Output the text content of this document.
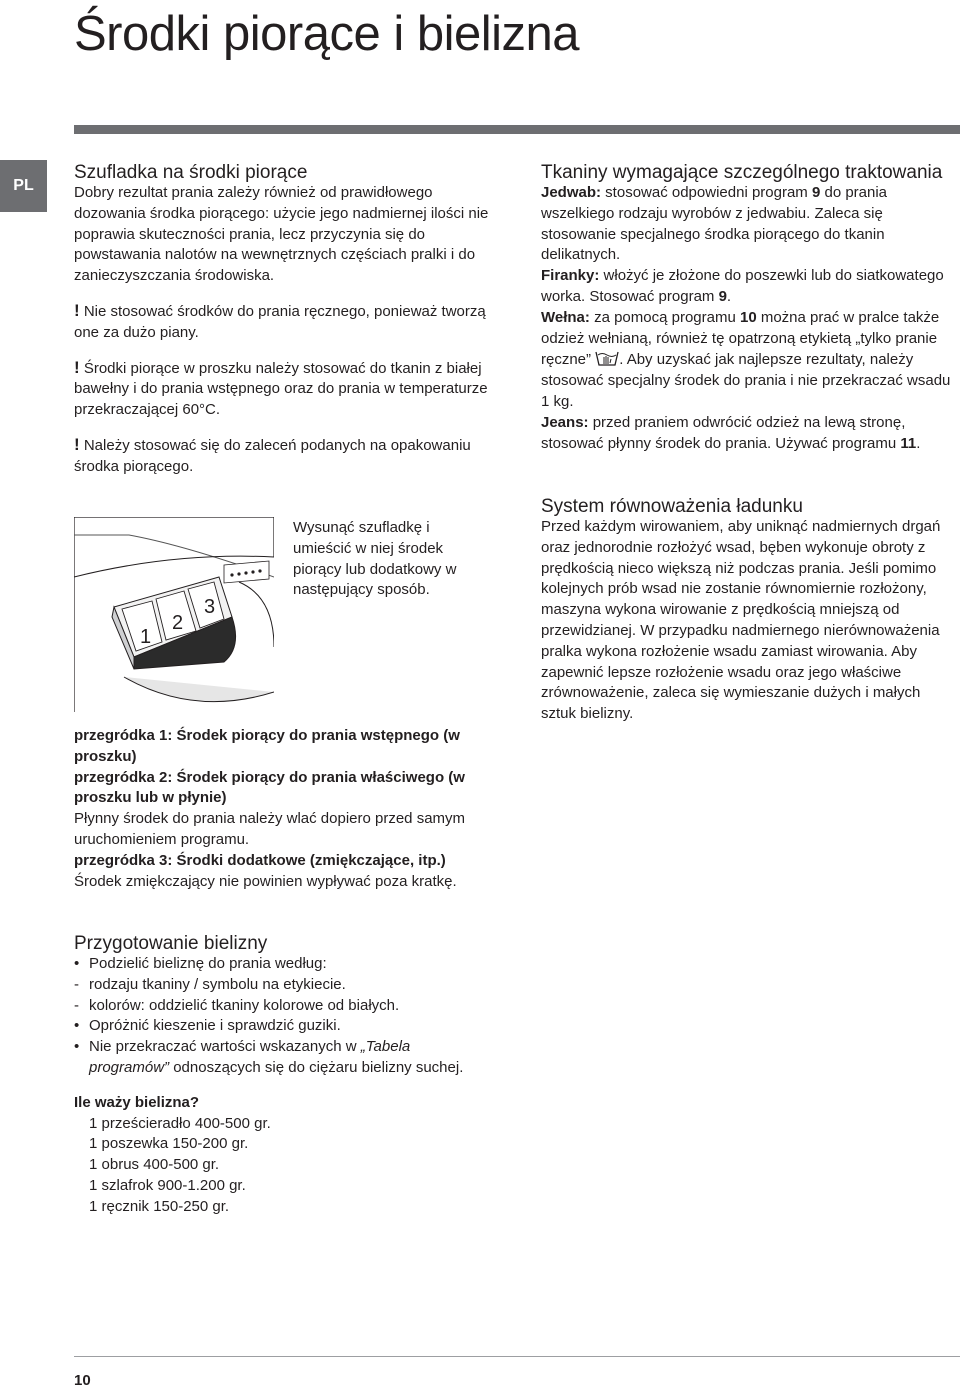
Środki piorące i bielizna
PL
Szufladka na środki piorące

Dobry rezultat prania zależy również od prawidłowego dozowania środka piorącego: użycie jego nadmiernej ilości nie poprawia skuteczności prania, lecz przyczynia się do powstawania nalotów na wewnętrznych częściach pralki i do zanieczyszczania środowiska.

! Nie stosować środków do prania ręcznego, ponieważ tworzą one za dużo piany.

! Środki piorące w proszku należy stosować do tkanin z białej bawełny i do prania wstępnego oraz do prania w temperaturze przekraczającej 60°C.

! Należy stosować się do zaleceń podanych na opakowaniu środka piorącego.

1
2
3
Wysunąć szufladkę i umieścić w niej środek piorący lub dodatkowy w następujący sposób.

przegródka 1: Środek piorący do prania wstępnego (w proszku)

przegródka 2: Środek piorący do prania właściwego (w proszku lub w płynie)

Płynny środek do prania należy wlać dopiero przed samym uruchomieniem programu.

przegródka 3: Środki dodatkowe (zmiękczające, itp.)

Środek zmiękczający nie powinien wypływać poza kratkę.

Przygotowanie bielizny
• Podzielić bieliznę do prania według:
- rodzaju tkaniny / symbolu na etykiecie.
- kolorów: oddzielić tkaniny kolorowe od białych.
• Opróżnić kieszenie i sprawdzić guziki.
• Nie przekraczać wartości wskazanych w „Tabela programów” odnoszących się do ciężaru bielizny suchej.

Ile waży bielizna?

1 prześcieradło 400-500 gr.

1 poszewka 150-200 gr.

1 obrus 400-500 gr.

1 szlafrok 900-1.200 gr.

1 ręcznik 150-250 gr.

Tkaniny wymagające szczególnego traktowania

Jedwab: stosować odpowiedni program 9 do prania wszelkiego rodzaju wyrobów z jedwabiu. Zaleca się stosowanie specjalnego środka piorącego do tkanin delikatnych.

Firanky: włożyć je złożone do poszewki lub do siatkowatego worka. Stosować program 9.

Wełna: za pomocą programu 10 można prać w pralce także odzież wełnianą, również tę opatrzoną etykietą „tylko pranie ręczne” . Aby uzyskać jak najlepsze rezultaty, należy stosować specjalny środek do prania i nie przekraczać wsadu 1 kg.

Jeans: przed praniem odwrócić odzież na lewą stronę, stosować płynny środek do prania. Używać programu 11.

System równoważenia ładunku

Przed każdym wirowaniem, aby uniknąć nadmiernych drgań oraz jednorodnie rozłożyć wsad, bęben wykonuje obroty z prędkością nieco większą niż podczas prania. Jeśli pomimo kolejnych prób wsad nie zostanie równomiernie rozłożony, maszyna wykona wirowanie z prędkością mniejszą od przewidzianej. W przypadku nadmiernego nierównoważenia pralka wykona rozłożenie wsadu zamiast wirowania. Aby zapewnić lepsze rozłożenie wsadu oraz jego właściwe zrównoważenie, zaleca się wymieszanie dużych i małych sztuk bielizny.

10
